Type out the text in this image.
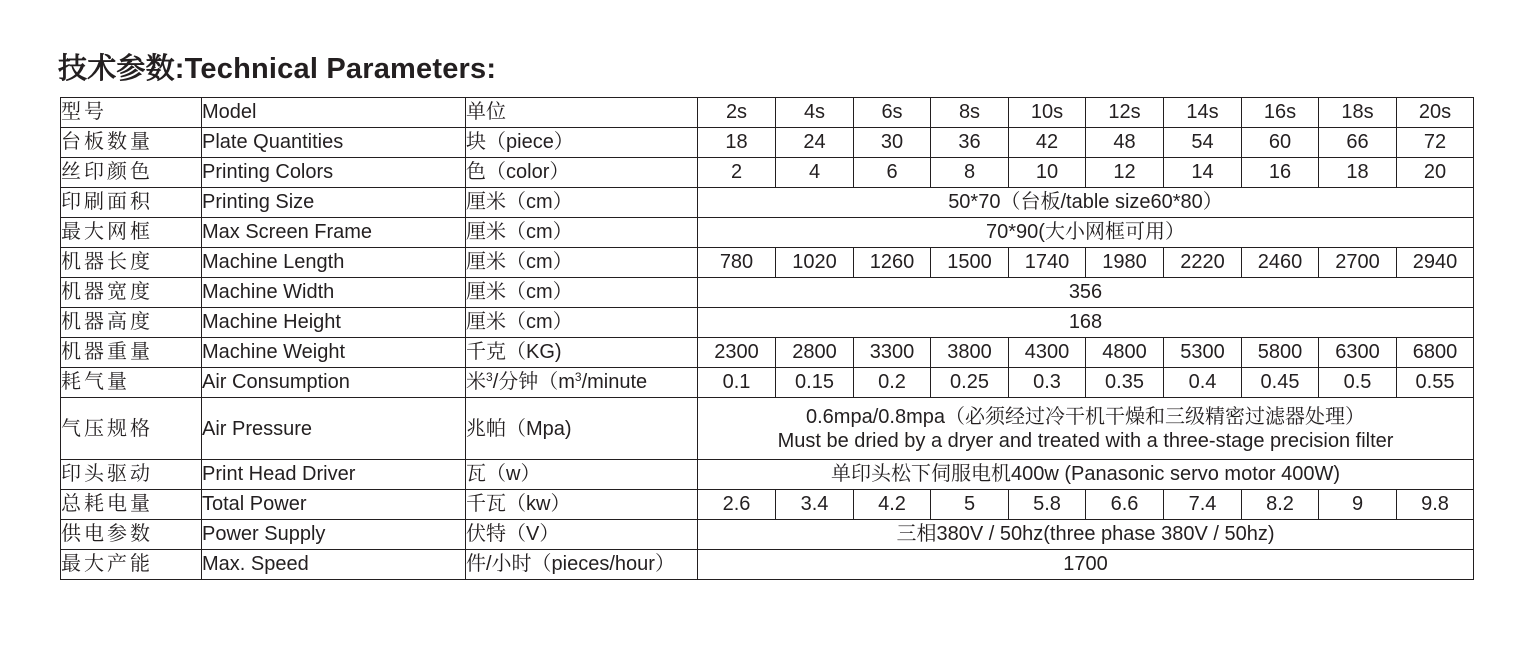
技术参数:Technical Parameters:
型号	Model	单位	2s	4s	6s	8s	10s	12s	14s	16s	18s	20s
台板数量	Plate Quantities	块（piece）	18	24	30	36	42	48	54	60	66	72
丝印颜色	Printing Colors	色（color）	2	4	6	8	10	12	14	16	18	20
印刷面积	Printing Size	厘米（cm）	50*70（台板/table size60*80）									
最大网框	Max Screen Frame	厘米（cm）	70*90(大小网框可用）									
机器长度	Machine Length	厘米（cm）	780	1020	1260	1500	1740	1980	2220	2460	2700	2940
机器宽度	Machine Width	厘米（cm）	356									
机器高度	Machine Height	厘米（cm）	168									
机器重量	Machine Weight	千克（KG)	2300	2800	3300	3800	4300	4800	5300	5800	6300	6800
耗气量	Air Consumption	米$^3$/分钟（$m^3$/minute	0.1	0.15	0.2	0.25	0.3	0.35	0.4	0.45	0.5	0.55
气压规格	Air Pressure	兆帕（Mpa)	0.6mpa/0.8mpa（必须经过冷干机干燥和三级精密过滤器处理）
Must be dried by a dryer and treated with a three-stage precision filter									

印头驱动	Print Head Driver	瓦（w）	单印头松下伺服电机400w (Panasonic servo motor 400W)									
总耗电量	Total Power	千瓦（kw）	2.6	3.4	4.2	5	5.8	6.6	7.4	8.2	9	9.8
供电参数	Power Supply	伏特（V）	三相380V / 50hz(three phase 380V / 50hz)									
最大产能	Max. Speed	件/小时（pieces/hour）	1700									
